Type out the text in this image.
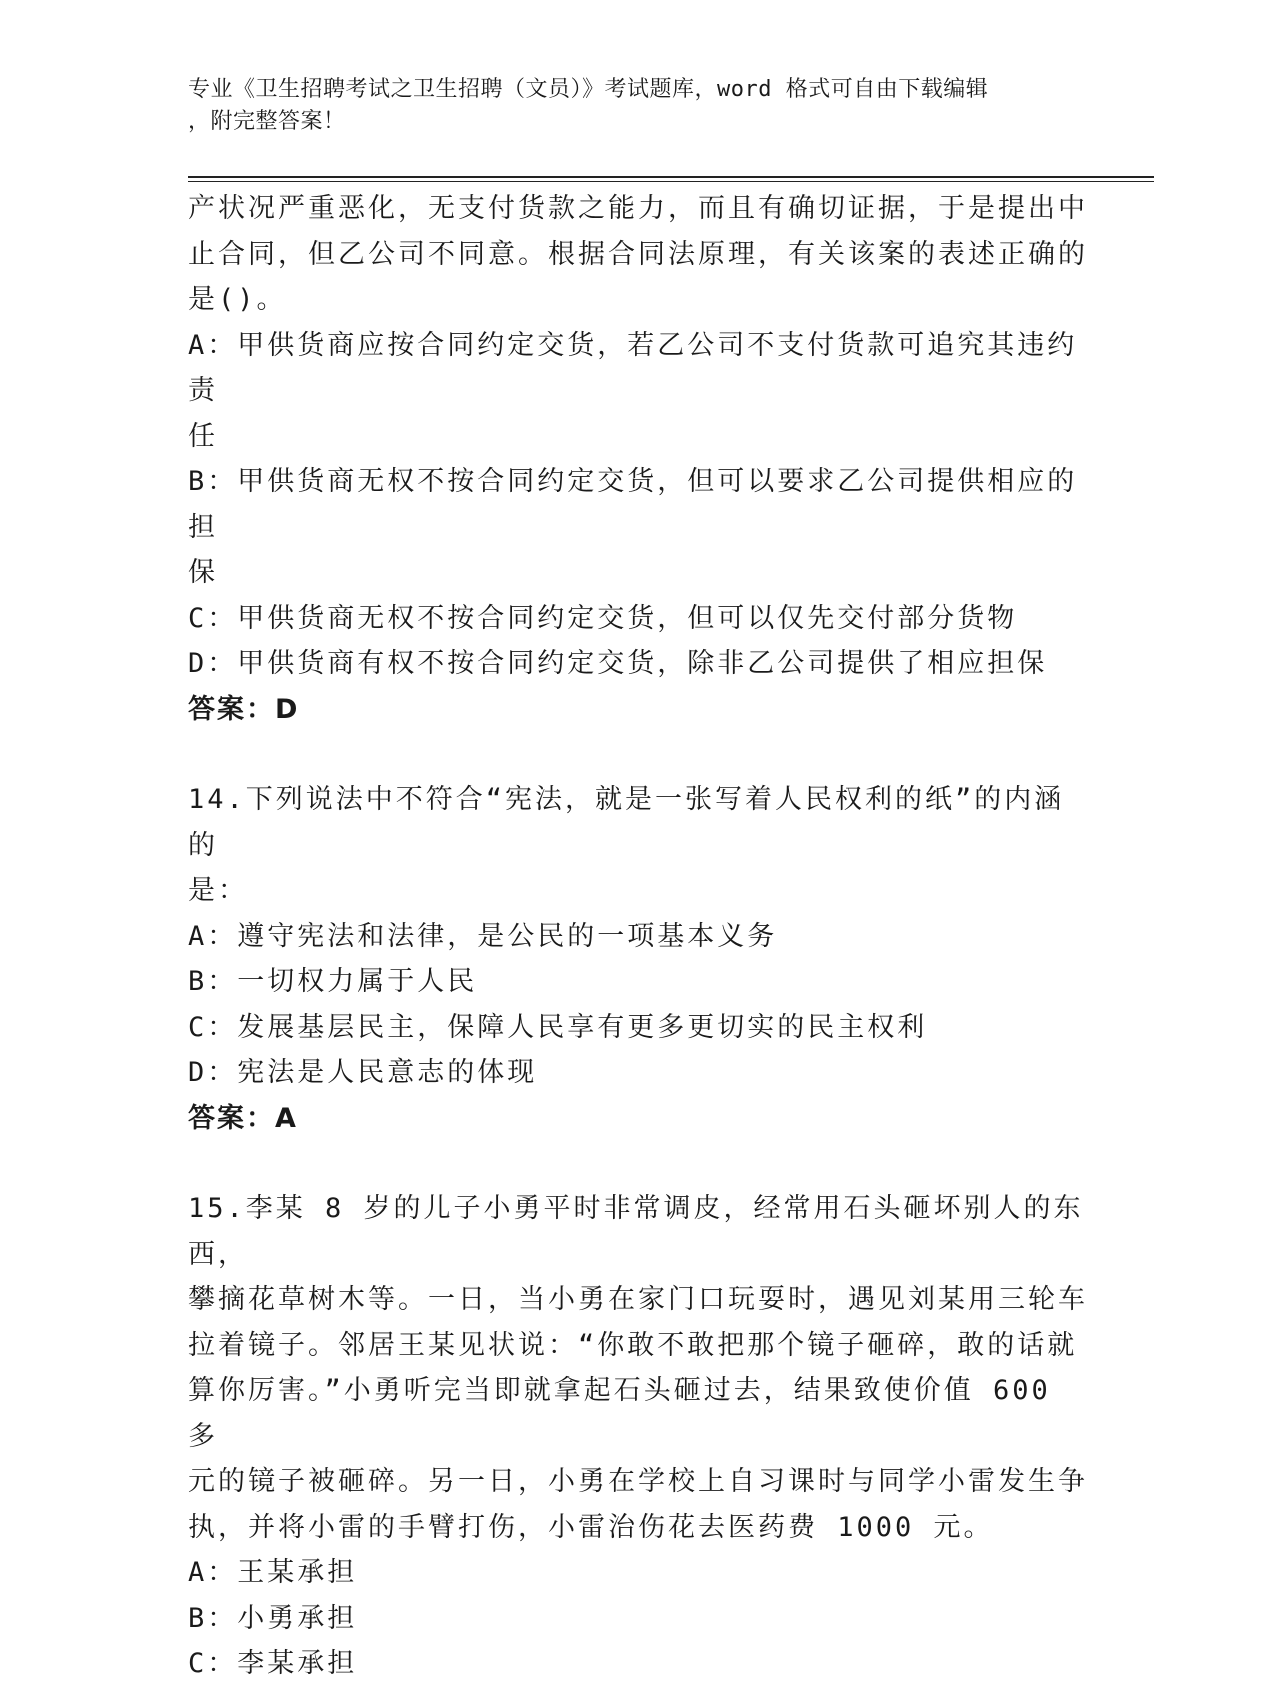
专业《卫生招聘考试之卫生招聘（文员）》考试题库，word 格式可自由下载编辑
，附完整答案！

产状况严重恶化，无支付货款之能力，而且有确切证据，于是提出中

止合同，但乙公司不同意。根据合同法原理，有关该案的表述正确的

是()。

A：甲供货商应按合同约定交货，若乙公司不支付货款可追究其违约责

任

B：甲供货商无权不按合同约定交货，但可以要求乙公司提供相应的担

保

C：甲供货商无权不按合同约定交货，但可以仅先交付部分货物

D：甲供货商有权不按合同约定交货，除非乙公司提供了相应担保

答案：D

14.下列说法中不符合“宪法，就是一张写着人民权利的纸”的内涵的

是：

A：遵守宪法和法律，是公民的一项基本义务

B：一切权力属于人民

C：发展基层民主，保障人民享有更多更切实的民主权利

D：宪法是人民意志的体现

答案：A

15.李某 8 岁的儿子小勇平时非常调皮，经常用石头砸坏别人的东西，

攀摘花草树木等。一日，当小勇在家门口玩耍时，遇见刘某用三轮车

拉着镜子。邻居王某见状说：“你敢不敢把那个镜子砸碎，敢的话就

算你厉害。”小勇听完当即就拿起石头砸过去，结果致使价值 600 多

元的镜子被砸碎。另一日，小勇在学校上自习课时与同学小雷发生争

执，并将小雷的手臂打伤，小雷治伤花去医药费 1000 元。

A：王某承担

B：小勇承担

C：李某承担
